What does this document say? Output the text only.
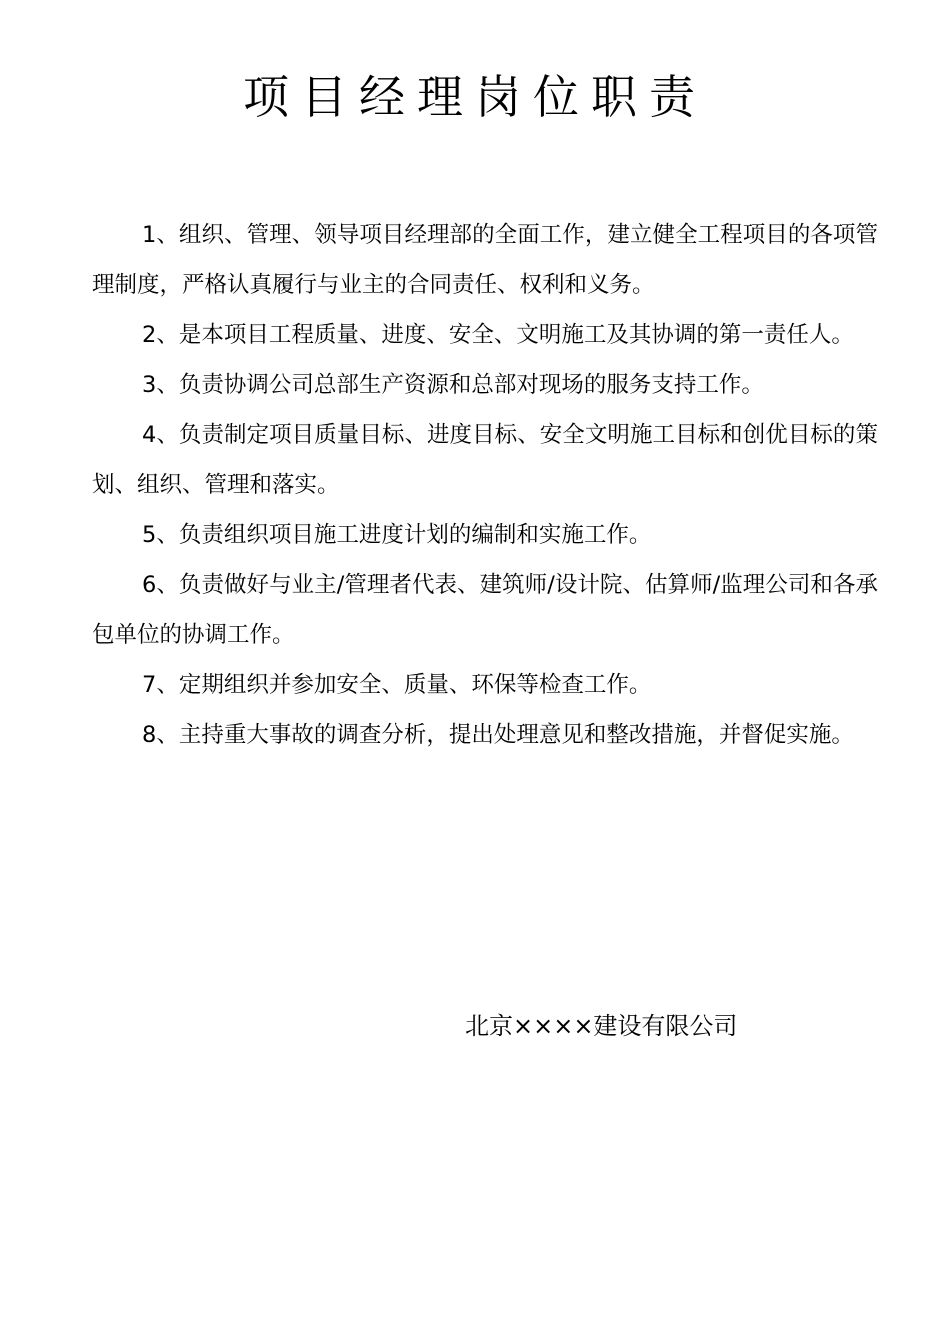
项目经理岗位职责

1、组织、管理、领导项目经理部的全面工作，建立健全工程项目的各项管理制度，严格认真履行与业主的合同责任、权利和义务。

2、是本项目工程质量、进度、安全、文明施工及其协调的第一责任人。

3、负责协调公司总部生产资源和总部对现场的服务支持工作。

4、负责制定项目质量目标、进度目标、安全文明施工目标和创优目标的策划、组织、管理和落实。

5、负责组织项目施工进度计划的编制和实施工作。

6、负责做好与业主/管理者代表、建筑师/设计院、估算师/监理公司和各承包单位的协调工作。

7、定期组织并参加安全、质量、环保等检查工作。

8、主持重大事故的调查分析，提出处理意见和整改措施，并督促实施。

北京××××建设有限公司
